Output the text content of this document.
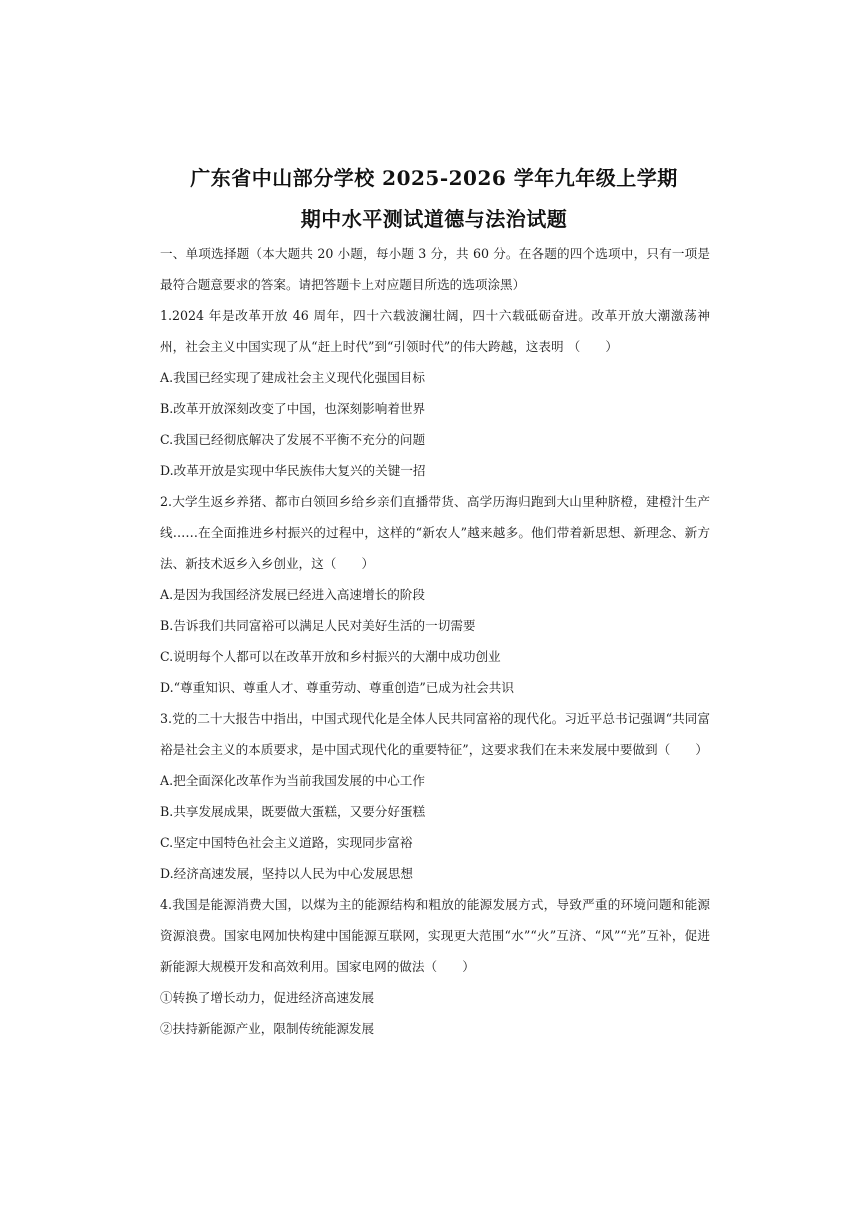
广东省中山部分学校 2025-2026 学年九年级上学期
期中水平测试道德与法治试题

一、单项选择题（本大题共 20 小题，每小题 3 分，共 60 分。在各题的四个选项中，只有一项是最符合题意要求的答案。请把答题卡上对应题目所选的选项涂黑）

1.2024 年是改革开放 46 周年，四十六载波澜壮阔，四十六载砥砺奋进。改革开放大潮激荡神州，社会主义中国实现了从“赶上时代”到“引领时代”的伟大跨越，这表明 （　　）

A.我国已经实现了建成社会主义现代化强国目标

B.改革开放深刻改变了中国，也深刻影响着世界

C.我国已经彻底解决了发展不平衡不充分的问题

D.改革开放是实现中华民族伟大复兴的关键一招

2.大学生返乡养猪、都市白领回乡给乡亲们直播带货、高学历海归跑到大山里种脐橙，建橙汁生产线……在全面推进乡村振兴的过程中，这样的“新农人”越来越多。他们带着新思想、新理念、新方法、新技术返乡入乡创业，这（　　）

A.是因为我国经济发展已经进入高速增长的阶段

B.告诉我们共同富裕可以满足人民对美好生活的一切需要

C.说明每个人都可以在改革开放和乡村振兴的大潮中成功创业

D.“尊重知识、尊重人才、尊重劳动、尊重创造”已成为社会共识

3.党的二十大报告中指出，中国式现代化是全体人民共同富裕的现代化。习近平总书记强调“共同富裕是社会主义的本质要求，是中国式现代化的重要特征”，这要求我们在未来发展中要做到（　　）

A.把全面深化改革作为当前我国发展的中心工作

B.共享发展成果，既要做大蛋糕，又要分好蛋糕

C.坚定中国特色社会主义道路，实现同步富裕

D.经济高速发展，坚持以人民为中心发展思想

4.我国是能源消费大国，以煤为主的能源结构和粗放的能源发展方式，导致严重的环境问题和能源资源浪费。国家电网加快构建中国能源互联网，实现更大范围“水”“火”互济、“风”“光”互补，促进新能源大规模开发和高效利用。国家电网的做法（　　）

①转换了增长动力，促进经济高速发展

②扶持新能源产业，限制传统能源发展
